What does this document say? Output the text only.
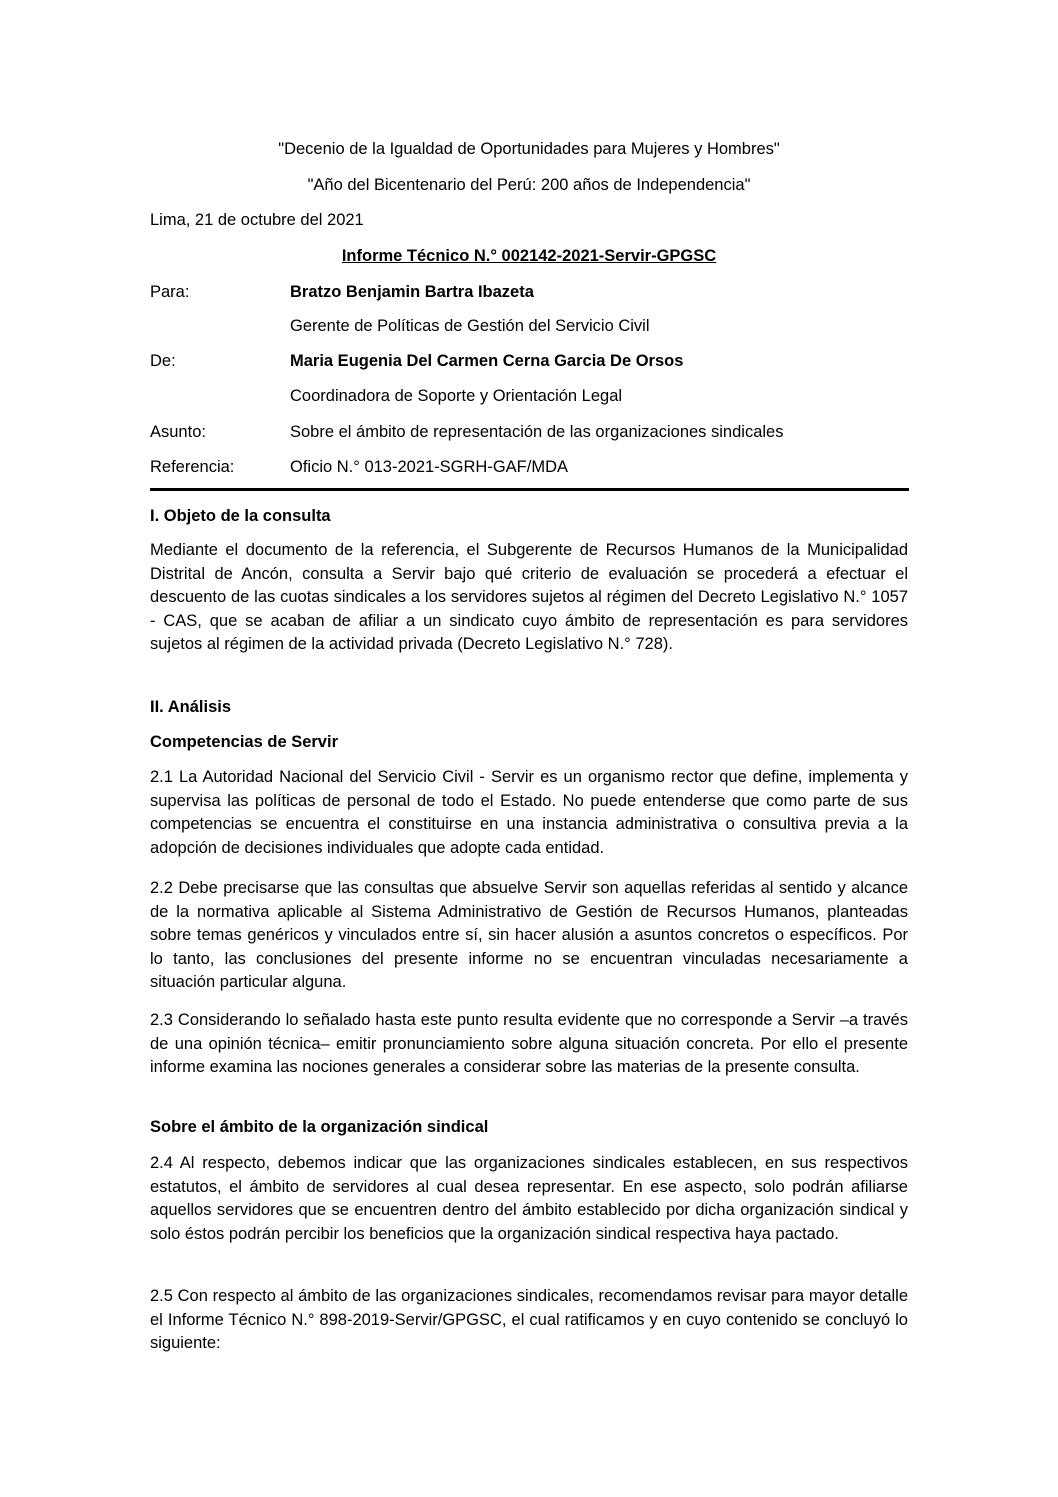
"Decenio de la Igualdad de Oportunidades para Mujeres y Hombres"
"Año del Bicentenario del Perú: 200 años de Independencia"
Lima, 21 de octubre del 2021
Informe Técnico N.° 002142-2021-Servir-GPGSC
Para:	Bratzo Benjamin Bartra Ibazeta
Gerente de Políticas de Gestión del Servicio Civil
De:	Maria Eugenia Del Carmen Cerna Garcia De Orsos
Coordinadora de Soporte y Orientación Legal
Asunto:	Sobre el ámbito de representación de las organizaciones sindicales
Referencia:	Oficio N.° 013-2021-SGRH-GAF/MDA
I. Objeto de la consulta

Mediante el documento de la referencia, el Subgerente de Recursos Humanos de la Municipalidad Distrital de Ancón, consulta a Servir bajo qué criterio de evaluación se procederá a efectuar el descuento de las cuotas sindicales a los servidores sujetos al régimen del Decreto Legislativo N.° 1057 - CAS, que se acaban de afiliar a un sindicato cuyo ámbito de representación es para servidores sujetos al régimen de la actividad privada (Decreto Legislativo N.° 728).

II. Análisis
Competencias de Servir

2.1 La Autoridad Nacional del Servicio Civil - Servir es un organismo rector que define, implementa y supervisa las políticas de personal de todo el Estado. No puede entenderse que como parte de sus competencias se encuentra el constituirse en una instancia administrativa o consultiva previa a la adopción de decisiones individuales que adopte cada entidad.

2.2 Debe precisarse que las consultas que absuelve Servir son aquellas referidas al sentido y alcance de la normativa aplicable al Sistema Administrativo de Gestión de Recursos Humanos, planteadas sobre temas genéricos y vinculados entre sí, sin hacer alusión a asuntos concretos o específicos. Por lo tanto, las conclusiones del presente informe no se encuentran vinculadas necesariamente a situación particular alguna.

2.3 Considerando lo señalado hasta este punto resulta evidente que no corresponde a Servir –a través de una opinión técnica– emitir pronunciamiento sobre alguna situación concreta. Por ello el presente informe examina las nociones generales a considerar sobre las materias de la presente consulta.

Sobre el ámbito de la organización sindical

2.4 Al respecto, debemos indicar que las organizaciones sindicales establecen, en sus respectivos estatutos, el ámbito de servidores al cual desea representar. En ese aspecto, solo podrán afiliarse aquellos servidores que se encuentren dentro del ámbito establecido por dicha organización sindical y solo éstos podrán percibir los beneficios que la organización sindical respectiva haya pactado.

2.5 Con respecto al ámbito de las organizaciones sindicales, recomendamos revisar para mayor detalle el Informe Técnico N.° 898-2019-Servir/GPGSC, el cual ratificamos y en cuyo contenido se concluyó lo siguiente:
